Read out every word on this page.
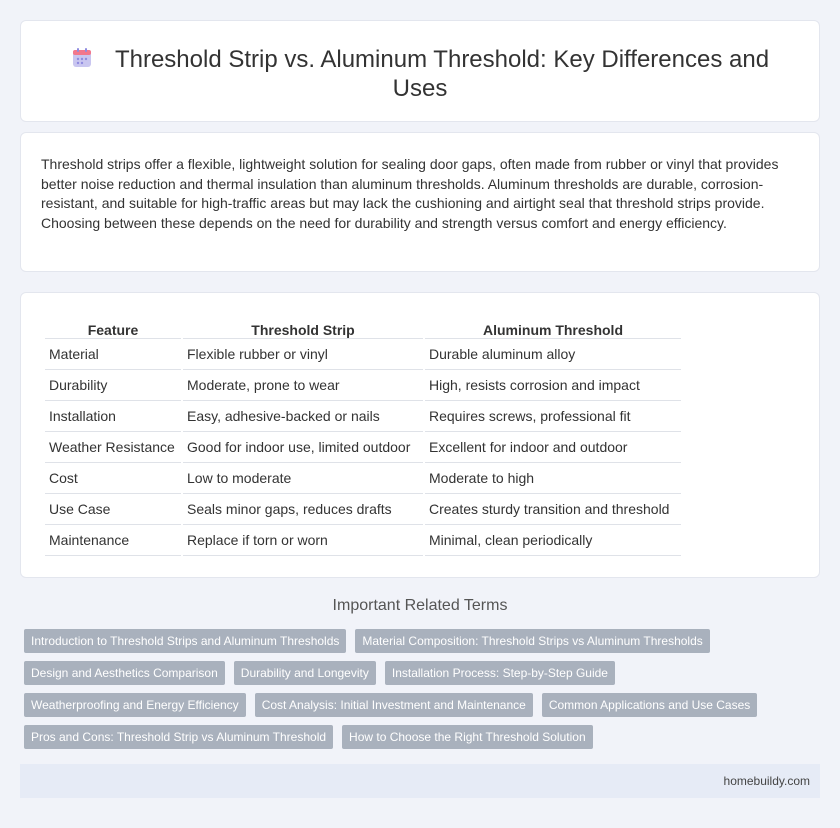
Threshold Strip vs. Aluminum Threshold: Key Differences and Uses

Threshold strips offer a flexible, lightweight solution for sealing door gaps, often made from rubber or vinyl that provides better noise reduction and thermal insulation than aluminum thresholds. Aluminum thresholds are durable, corrosion-resistant, and suitable for high-traffic areas but may lack the cushioning and airtight seal that threshold strips provide. Choosing between these depends on the need for durability and strength versus comfort and energy efficiency.

Feature	Threshold Strip	Aluminum Threshold
Material	Flexible rubber or vinyl	Durable aluminum alloy
Durability	Moderate, prone to wear	High, resists corrosion and impact
Installation	Easy, adhesive-backed or nails	Requires screws, professional fit
Weather Resistance	Good for indoor use, limited outdoor	Excellent for indoor and outdoor
Cost	Low to moderate	Moderate to high
Use Case	Seals minor gaps, reduces drafts	Creates sturdy transition and threshold
Maintenance	Replace if torn or worn	Minimal, clean periodically
Important Related Terms
Introduction to Threshold Strips and Aluminum Thresholds	Material Composition: Threshold Strips vs Aluminum Thresholds
Design and Aesthetics Comparison	Durability and Longevity	Installation Process: Step-by-Step Guide
Weatherproofing and Energy Efficiency	Cost Analysis: Initial Investment and Maintenance	Common Applications and Use Cases
Pros and Cons: Threshold Strip vs Aluminum Threshold	How to Choose the Right Threshold Solution
homebuildy.com
